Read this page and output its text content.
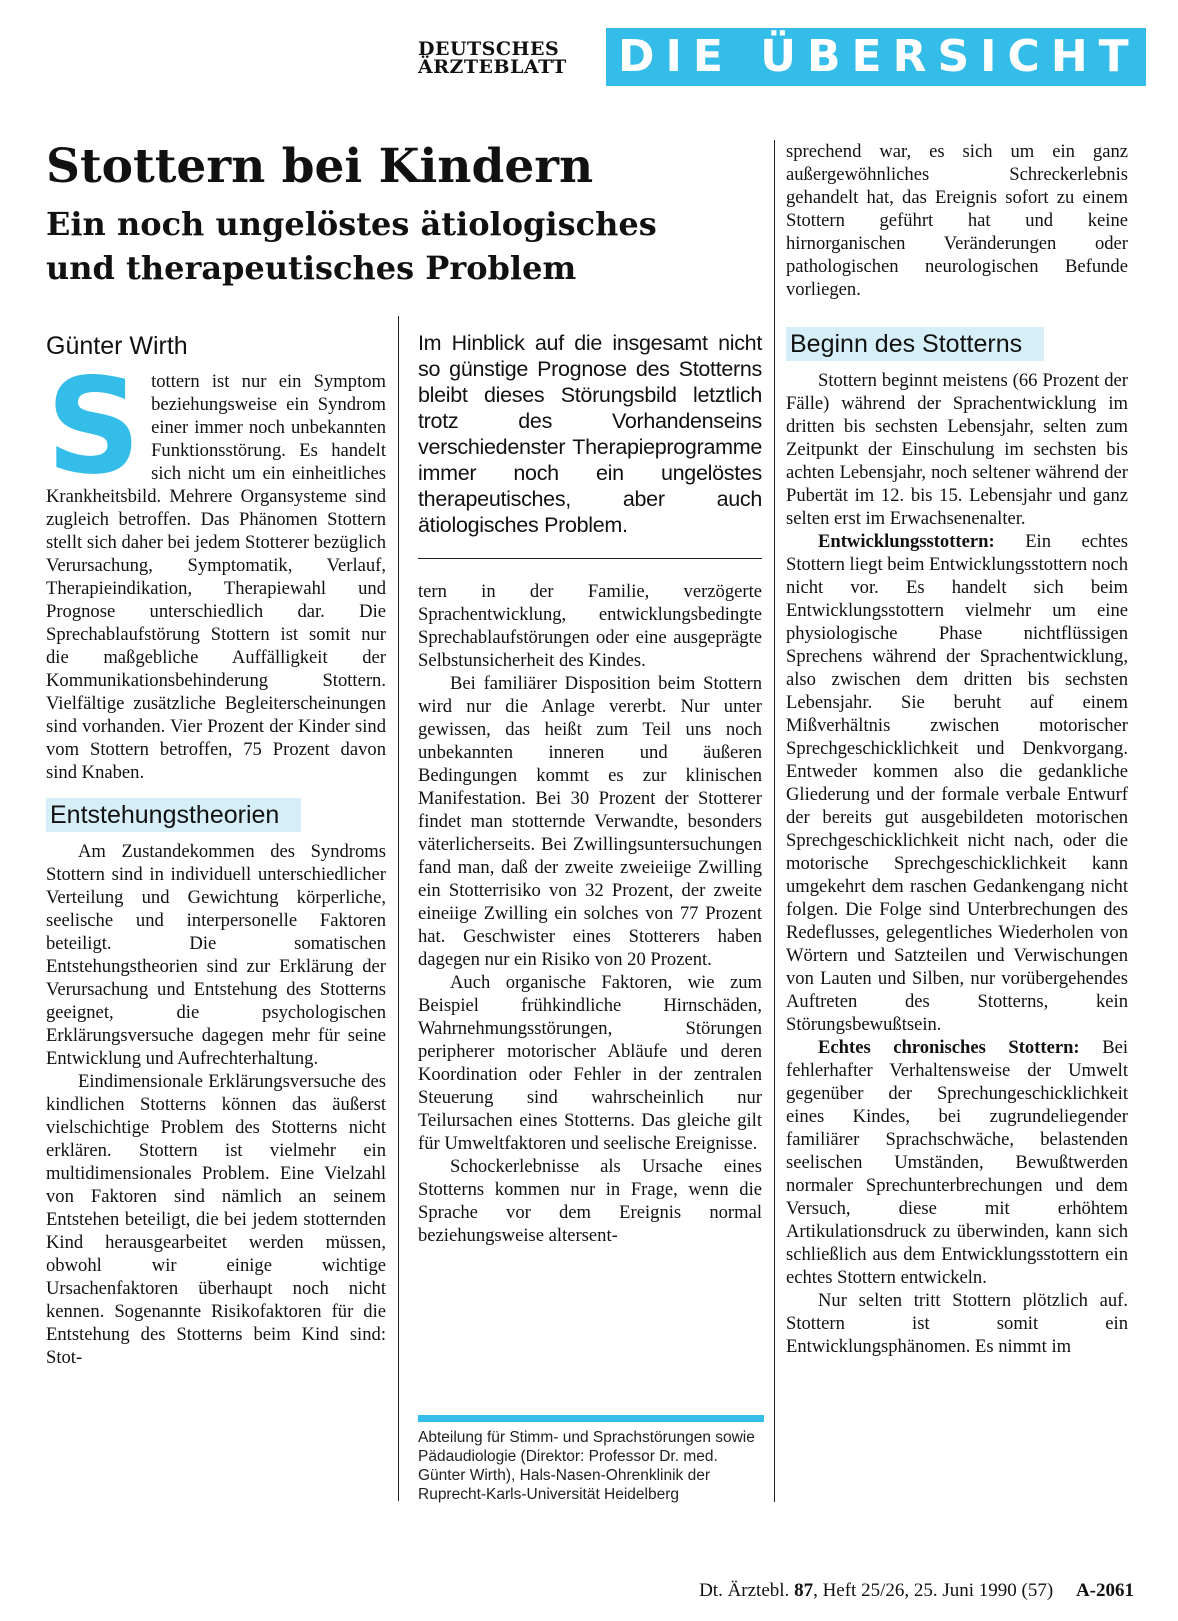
DEUTSCHES
ÄRZTEBLATT	DIE ÜBERSICHT
Stottern bei Kindern
Ein noch ungelöstes ätiologisches
und therapeutisches Problem
Günter Wirth	Im Hinblick auf die insgesamt nicht so günstige Prognose des Stotterns bleibt dieses Störungsbild letztlich trotz des Vorhandenseins verschiedenster Therapieprogramme immer noch ein ungelöstes therapeutisches, aber auch ätiologisches Problem.

Stottern ist nur ein Symptom beziehungsweise ein Syndrom einer immer noch unbekannten Funktionsstörung. Es handelt sich nicht um ein einheitliches Krankheitsbild. Mehrere Organsysteme sind zugleich betroffen. Das Phänomen Stottern stellt sich daher bei jedem Stotterer bezüglich Verursachung, Symptomatik, Verlauf, Therapieindikation, Therapiewahl und Prognose unterschiedlich dar. Die Sprechablaufstörung Stottern ist somit nur die maßgebliche Auffälligkeit der Kommunikationsbehinderung Stottern. Vielfältige zusätzliche Begleiterscheinungen sind vorhanden. Vier Prozent der Kinder sind vom Stottern betroffen, 75 Prozent davon sind Knaben.

Entstehungstheorien

Am Zustandekommen des Syndroms Stottern sind in individuell unterschiedlicher Verteilung und Gewichtung körperliche, seelische und interpersonelle Faktoren beteiligt. Die somatischen Entstehungstheorien sind zur Erklärung der Verursachung und Entstehung des Stotterns geeignet, die psychologischen Erklärungsversuche dagegen mehr für seine Entwicklung und Aufrechterhaltung.

Eindimensionale Erklärungsversuche des kindlichen Stotterns können das äußerst vielschichtige Problem des Stotterns nicht erklären. Stottern ist vielmehr ein multidimensionales Problem. Eine Vielzahl von Faktoren sind nämlich an seinem Entstehen beteiligt, die bei jedem stotternden Kind herausgearbeitet werden müssen, obwohl wir einige wichtige Ursachenfaktoren überhaupt noch nicht kennen. Sogenannte Risikofaktoren für die Entstehung des Stotterns beim Kind sind: Stot-

tern in der Familie, verzögerte Sprachentwicklung, entwicklungsbedingte Sprechablaufstörungen oder eine ausgeprägte Selbstunsicherheit des Kindes.

Bei familiärer Disposition beim Stottern wird nur die Anlage vererbt. Nur unter gewissen, das heißt zum Teil uns noch unbekannten inneren und äußeren Bedingungen kommt es zur klinischen Manifestation. Bei 30 Prozent der Stotterer findet man stotternde Verwandte, besonders väterlicherseits. Bei Zwillingsuntersuchungen fand man, daß der zweite zweieiige Zwilling ein Stotterrisiko von 32 Prozent, der zweite eineiige Zwilling ein solches von 77 Prozent hat. Geschwister eines Stotterers haben dagegen nur ein Risiko von 20 Prozent.

Auch organische Faktoren, wie zum Beispiel frühkindliche Hirnschäden, Wahrnehmungsstörungen, Störungen peripherer motorischer Abläufe und deren Koordination oder Fehler in der zentralen Steuerung sind wahrscheinlich nur Teilursachen eines Stotterns. Das gleiche gilt für Umweltfaktoren und seelische Ereignisse.

Schockerlebnisse als Ursache eines Stotterns kommen nur in Frage, wenn die Sprache vor dem Ereignis normal beziehungsweise altersent-

Abteilung für Stimm- und Sprachstörungen sowie Pädaudiologie (Direktor: Professor Dr. med. Günter Wirth), Hals-Nasen-Ohrenklinik der Ruprecht-Karls-Universität Heidelberg

sprechend war, es sich um ein ganz außergewöhnliches Schreckerlebnis gehandelt hat, das Ereignis sofort zu einem Stottern geführt hat und keine hirnorganischen Veränderungen oder pathologischen neurologischen Befunde vorliegen.

Beginn des Stotterns

Stottern beginnt meistens (66 Prozent der Fälle) während der Sprachentwicklung im dritten bis sechsten Lebensjahr, selten zum Zeitpunkt der Einschulung im sechsten bis achten Lebensjahr, noch seltener während der Pubertät im 12. bis 15. Lebensjahr und ganz selten erst im Erwachsenenalter.

Entwicklungsstottern: Ein echtes Stottern liegt beim Entwicklungsstottern noch nicht vor. Es handelt sich beim Entwicklungsstottern vielmehr um eine physiologische Phase nichtflüssigen Sprechens während der Sprachentwicklung, also zwischen dem dritten bis sechsten Lebensjahr. Sie beruht auf einem Mißverhältnis zwischen motorischer Sprechgeschicklichkeit und Denkvorgang. Entweder kommen also die gedankliche Gliederung und der formale verbale Entwurf der bereits gut ausgebildeten motorischen Sprechgeschicklichkeit nicht nach, oder die motorische Sprechgeschicklichkeit kann umgekehrt dem raschen Gedankengang nicht folgen. Die Folge sind Unterbrechungen des Redeflusses, gelegentliches Wiederholen von Wörtern und Satzteilen und Verwischungen von Lauten und Silben, nur vorübergehendes Auftreten des Stotterns, kein Störungsbewußtsein.

Echtes chronisches Stottern: Bei fehlerhafter Verhaltensweise der Umwelt gegenüber der Sprechungeschicklichkeit eines Kindes, bei zugrundeliegender familiärer Sprachschwäche, belastenden seelischen Umständen, Bewußtwerden normaler Sprechunterbrechungen und dem Versuch, diese mit erhöhtem Artikulationsdruck zu überwinden, kann sich schließlich aus dem Entwicklungsstottern ein echtes Stottern entwickeln.

Nur selten tritt Stottern plötzlich auf. Stottern ist somit ein Entwicklungsphänomen. Es nimmt im

Dt. Ärztebl. 87, Heft 25/26, 25. Juni 1990 (57) A-2061
